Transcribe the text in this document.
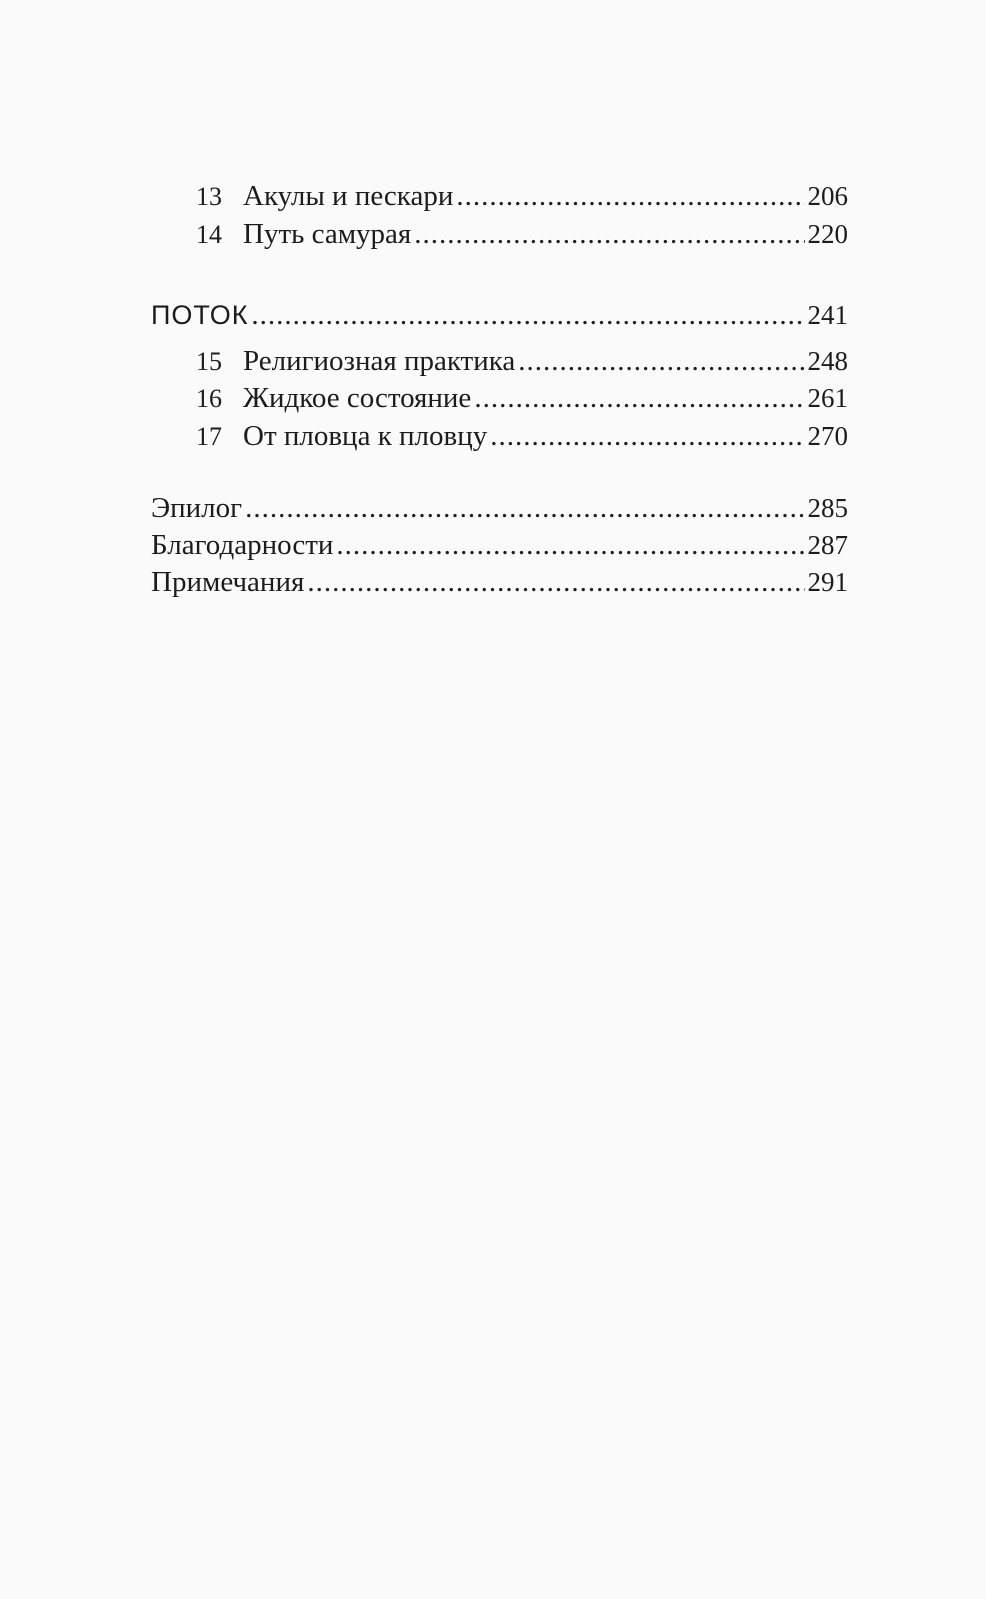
13 Акулы и пескари .....	206
14 Путь самурая .....	220
ПОТОК .....	241
15 Религиозная практика .....	248
16 Жидкое состояние .....	261
17 От пловца к пловцу .....	270
Эпилог .....	285
Благодарности .....	287
Примечания .....	291
